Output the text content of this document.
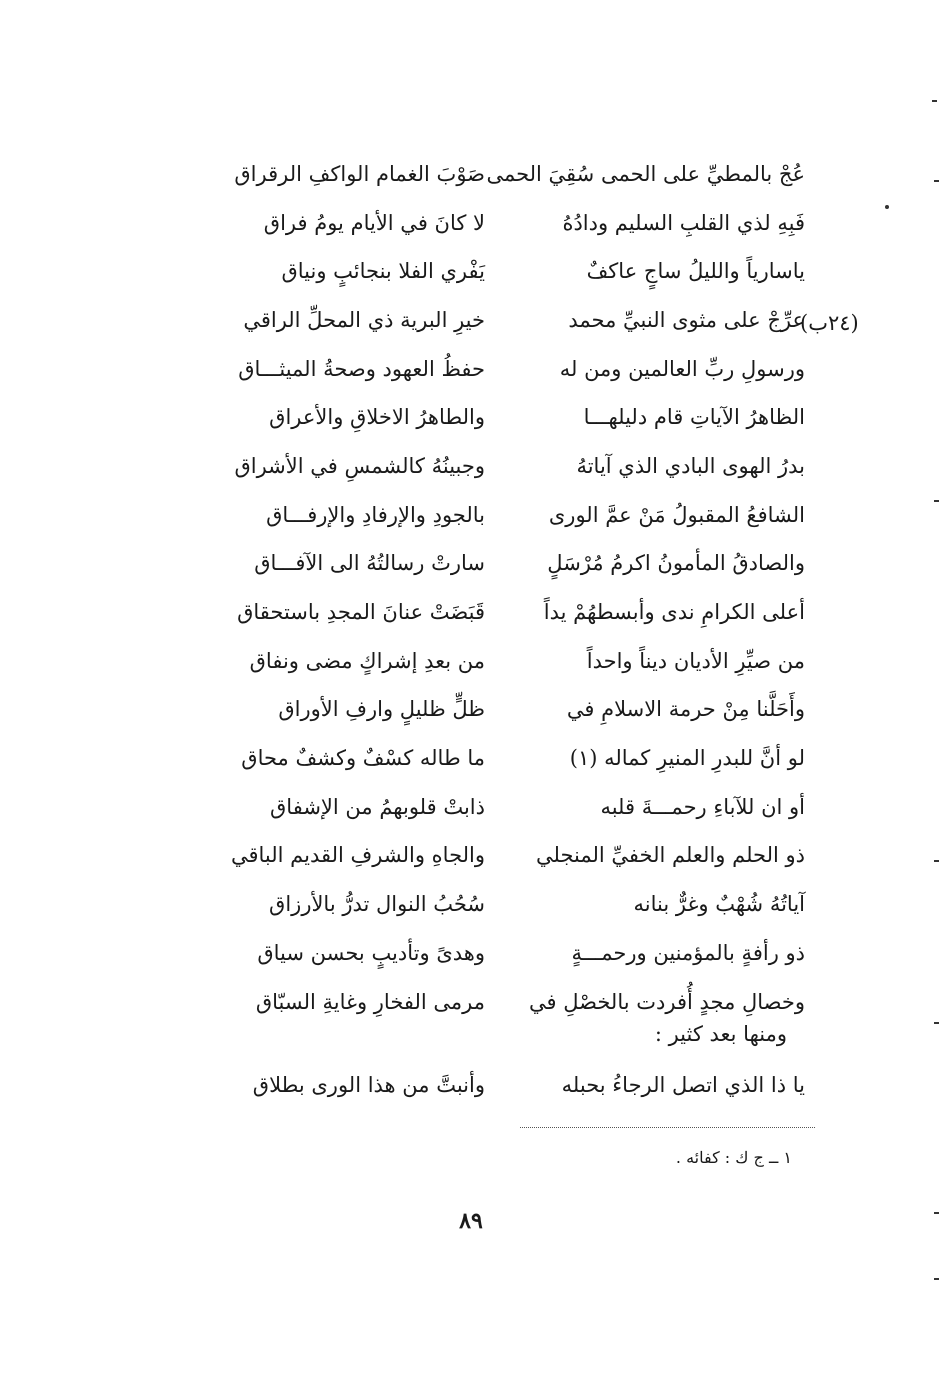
عُجْ بالمطيِّ على الحمى سُقِيَ الحمى
صَوْبَ الغمام الواكفِ الرقراق
فَبِهِ لذي القلبِ السليم ودادُهُ
لا كانَ في الأيام يومُ فراق
ياسارياً والليلُ ساجٍ عاكفٌ
يَفْري الفلا بنجائبٍ ونياق
عرِّجْ على مثوى النبيِّ محمد
خيرِ البرية ذي المحلِّ الراقي
ورسولِ ربِّ العالمين ومن له
حفظُ العهود وصحةُ الميثـــاق
الظاهرُ الآياتِ قام دليلهـــا
والطاهرُ الاخلاقِ والأعراق
بدرُ الهوى البادي الذي آياتهُ
وجبينُهُ كالشمسِ في الأشراق
الشافعُ المقبولُ مَنْ عمَّ الورى
بالجودِ والإرفادِ والإرفـــاق
والصادقُ المأمونُ اكرمُ مُرْسَلٍ
سارتْ رسالتُهُ الى الآفـــاق
أعلى الكرامِ ندى وأبسطهُمْ يداً
قَبَضَتْ عنانَ المجدِ باستحقاق
من صيِّرِ الأديان ديناً واحداً
من بعدِ إشراكٍ مضى ونفاق
وأَحَلَّنا مِنْ حرمة الاسلامِ في
ظلٍّ ظليلٍ وارفِ الأوراق
لو أنَّ للبدرِ المنيرِ كماله (١)
ما طاله كسْفٌ وكشفٌ محاق
أو ان للآباءِ رحمـــةَ قلبه
ذابتْ قلوبهمُ من الإشفاق
ذو الحلم والعلم الخفيِّ المنجلي
والجاهِ والشرفِ القديم الباقي
آياتُهُ شُهْبٌ وغرٌّ بنانه
سُحُبُ النوال تدرُّ بالأرزاق
ذو رأفةٍ بالمؤمنين ورحمـــةٍ
وهدىً وتأديبٍ بحسن سياق
وخصالِ مجدٍ أُفردت بالخصْلِ في
مرمى الفخارِ وغايةِ السبّاق
(٢٤ب)
ومنها بعد كثير :
يا ذا الذي اتصل الرجاءُ بحبله
وأنبتَّ من هذا الورى بطلاق
١ ــ ج ك : كفائه .
٨٩
